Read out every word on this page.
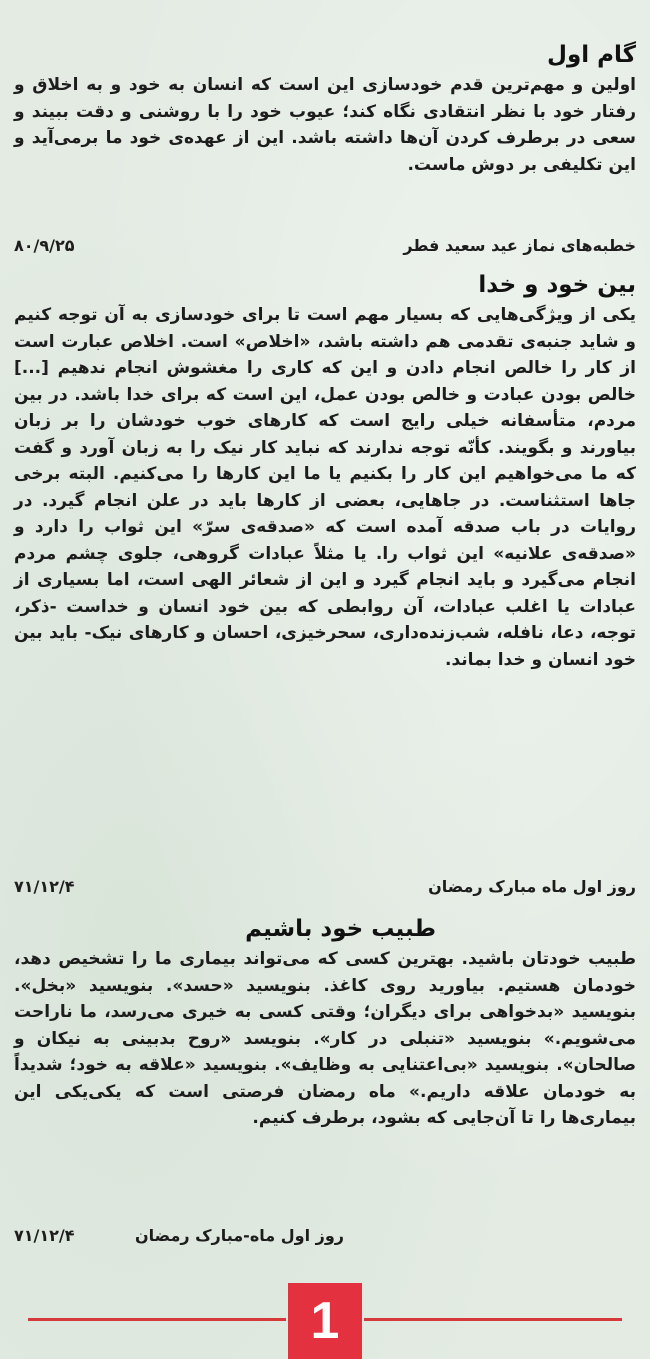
گام اول

اولین و مهم‌ترین قدم خودسازی این است که انسان به خود و به اخلاق و رفتار خود با نظر انتقادی نگاه کند؛ عیوب خود را با روشنی و دقت ببیند و سعی در برطرف کردن آن‌ها داشته باشد. این از عهده‌ی خود ما برمی‌آید و این تکلیفی بر دوش ماست.

خطبه‌های نماز عید سعید فطر
۸۰/۹/۲۵
بین خود و خدا

یکی از ویژگی‌هایی که بسیار مهم است تا برای خودسازی به آن توجه کنیم و شاید جنبه‌ی تقدمی هم داشته باشد، «اخلاص» است. اخلاص عبارت است از کار را خالص انجام دادن و این که کاری را مغشوش انجام ندهیم [...] خالص بودن عبادت و خالص بودن عمل، این است که برای خدا باشد. در بین مردم، متأسفانه خیلی رایج است که کارهای خوب خودشان را بر زبان بیاورند و بگویند. کأنّه توجه ندارند که نباید کار نیک را به زبان آورد و گفت که ما می‌خواهیم این کار را بکنیم یا ما این کارها را می‌کنیم. البته برخی جاها استثناست. در جاهایی، بعضی از کارها باید در علن انجام گیرد. در روایات در باب صدقه آمده است که «صدقه‌ی سرّ» این ثواب را دارد و «صدقه‌ی علانیه» این ثواب را. یا مثلاً عبادات گروهی، جلوی چشم مردم انجام می‌گیرد و باید انجام گیرد و این از شعائر الهی است، اما بسیاری از عبادات یا اغلب عبادات، آن روابطی که بین خود انسان و خداست -ذکر، توجه، دعا، نافله، شب‌زنده‌داری، سحرخیزی، احسان و کارهای نیک- باید بین خود انسان و خدا بماند.

روز اول ماه مبارک رمضان
۷۱/۱۲/۴
طبیب خود باشیم

طبیب خودتان باشید. بهترین کسی که می‌تواند بیماری ما را تشخیص دهد، خودمان هستیم. بیاورید روی کاغذ. بنویسید «حسد». بنویسید «بخل». بنویسید «بدخواهی برای دیگران؛ وقتی کسی به خیری می‌رسد، ما ناراحت می‌شویم.» بنویسید «تنبلی در کار». بنویسد «روح بدبینی به نیکان و صالحان». بنویسید «بی‌اعتنایی به وظایف». بنویسید «علاقه به خود؛ شدیداً به خودمان علاقه داریم.» ماه رمضان فرصتی است که یکی‌یکی این بیماری‌ها را تا آن‌جایی که بشود، برطرف کنیم.

روز اول ماه‌-مبارک رمضان
۷۱/۱۲/۴
1
